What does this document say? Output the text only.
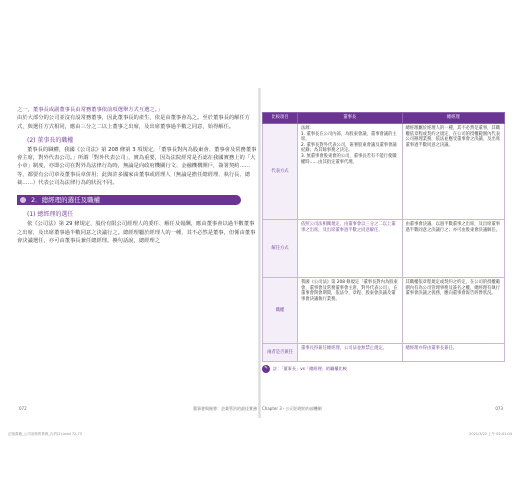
之一，董事長或副董事長由常務董事依前項選舉方式互選之。」

由於大部分的公司並沒有設常務董事，因此董事長的產生，依是由董事會為之。至於董事長的解任方式，與選任方式相同，應由三分之二以上董事之出席，及出席董事過半數之同意，始得解任。

(2) 董事長的職權

董事長的職權，我國《公司法》第 208 條第 3 項規定，「董事長對內為股東會、董事會及常務董事會主席，對外代表公司。」所謂「對外代表公司」，實為重要，因為法院經常是否認在我國實務上的「大小章」制度，亦即公司在對外為法律行為時，無論是向政府機關行文、金融機構開戶，簽署契約……等，都要有公司章及董事長章併用；此與許多國家由董事或經理人（無論是擔任總經理、執行長、總裁……）代表公司為法律行為的狀況不同。

2．總經理的選任及職權
(1) 總經理的選任

依《公司法》第 29 條規定，股份有限公司經理人的委任、解任及報酬，應由董事會以過半數董事之出席，及出席董事過半數同意之決議行之。總經理屬於經理人的一種，其不必然是董事，但係由董事會決議選任，亦可由董事長兼任總經理。換句話說，總經理之

072	董事會與秘書：企業管治的最佳實務
比較項目	董事長	總經理
代表方式	法源：
1. 董事長在公司內部，為股東會議、董事會議的主席。
2. 董事長對外代表公司，簽署股東會議及董事會議紀錄；為其餘事務之決定。
3. 無董事會股東會的公司，董事長若有不能行使職權時……由其指定董事代理。	總經理屬於經理人的一種，其不必然是董事，其職權依章程或契約之規定，在公司的授權範圍內代表公司辦理業務，依法並應受董事會之決議，及出席董事過半數同意之決議。
解任方式	依照公司法相關規定，由董事會以三分之二以上董事之出席，及出席董事過半數之同意解任。	由董事會決議，以過半數董事之出席，及出席董事過半數同意之決議行之；亦可由股東會決議解任。
職權	我國《公司法》第 208 條規定「董事長對內為股東會、董事會及常務董事會主席，對外代表公司」，在董事會閉會期間，依法令、章程、股東會決議及董事會決議執行業務。	其職權依章程規定或契約之約定，在公司的授權範圍內有為公司管理事務及簽名之權，總經理有執行董事會決議之義務，應向董事會報告經營狀況。
兩者是否兼任	董事長得兼任總經理，公司法並無禁止規定。	總經理亦得由董事長兼任。
✎	註：「董事長」vs「總經理」的職權比較
Chapter 3・公司治理的內部機制	073
正版書籍_公司治理的實務_內頁(2).indd 72-73	2021/3/22 上午 02:01:04
